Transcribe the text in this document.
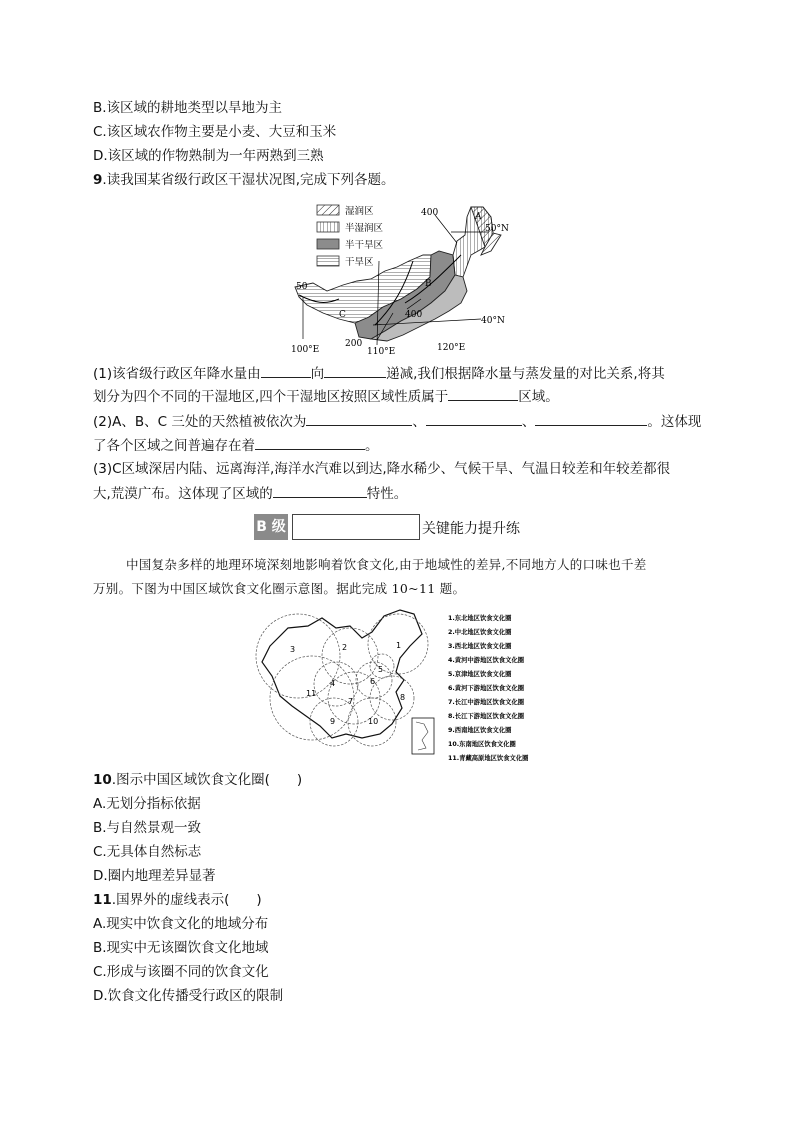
B.该区域的耕地类型以旱地为主
C.该区域农作物主要是小麦、大豆和玉米
D.该区域的作物熟制为一年两熟到三熟
9.读我国某省级行政区干湿状况图,完成下列各题。
湿润区
半湿润区
半干旱区
干旱区
A
B
C
400
50
400
200
50°N
40°N
100°E	110°E	120°E
(1)该省级行政区年降水量由	向	递减,我们根据降水量与蒸发量的对比关系,将其
划分为四个不同的干湿地区,四个干湿地区按照区域性质属于	区域。
(2)A、B、C 三处的天然植被依次为	、	、	。这体现
了各个区域之间普遍存在着	。
(3)C区域深居内陆、远离海洋,海洋水汽难以到达,降水稀少、气候干旱、气温日较差和年较差都很
大,荒漠广布。这体现了区域的	特性。
B 级	关键能力提升练
中国复杂多样的地理环境深刻地影响着饮食文化,由于地域性的差异,不同地方人的口味也千差
万别。下图为中国区域饮食文化圈示意图。据此完成 10~11 题。
1
2
3
4
5
6
7	8
9	10
11
1.东北地区饮食文化圈
2.中北地区饮食文化圈
3.西北地区饮食文化圈
4.黄河中游地区饮食文化圈
5.京津地区饮食文化圈
6.黄河下游地区饮食文化圈
7.长江中游地区饮食文化圈
8.长江下游地区饮食文化圈
9.西南地区饮食文化圈
10.东南地区饮食文化圈
11.青藏高原地区饮食文化圈
10.图示中国区域饮食文化圈(　　)
A.无划分指标依据
B.与自然景观一致
C.无具体自然标志
D.圈内地理差异显著
11.国界外的虚线表示(　　)
A.现实中饮食文化的地域分布
B.现实中无该圈饮食文化地域
C.形成与该圈不同的饮食文化
D.饮食文化传播受行政区的限制
